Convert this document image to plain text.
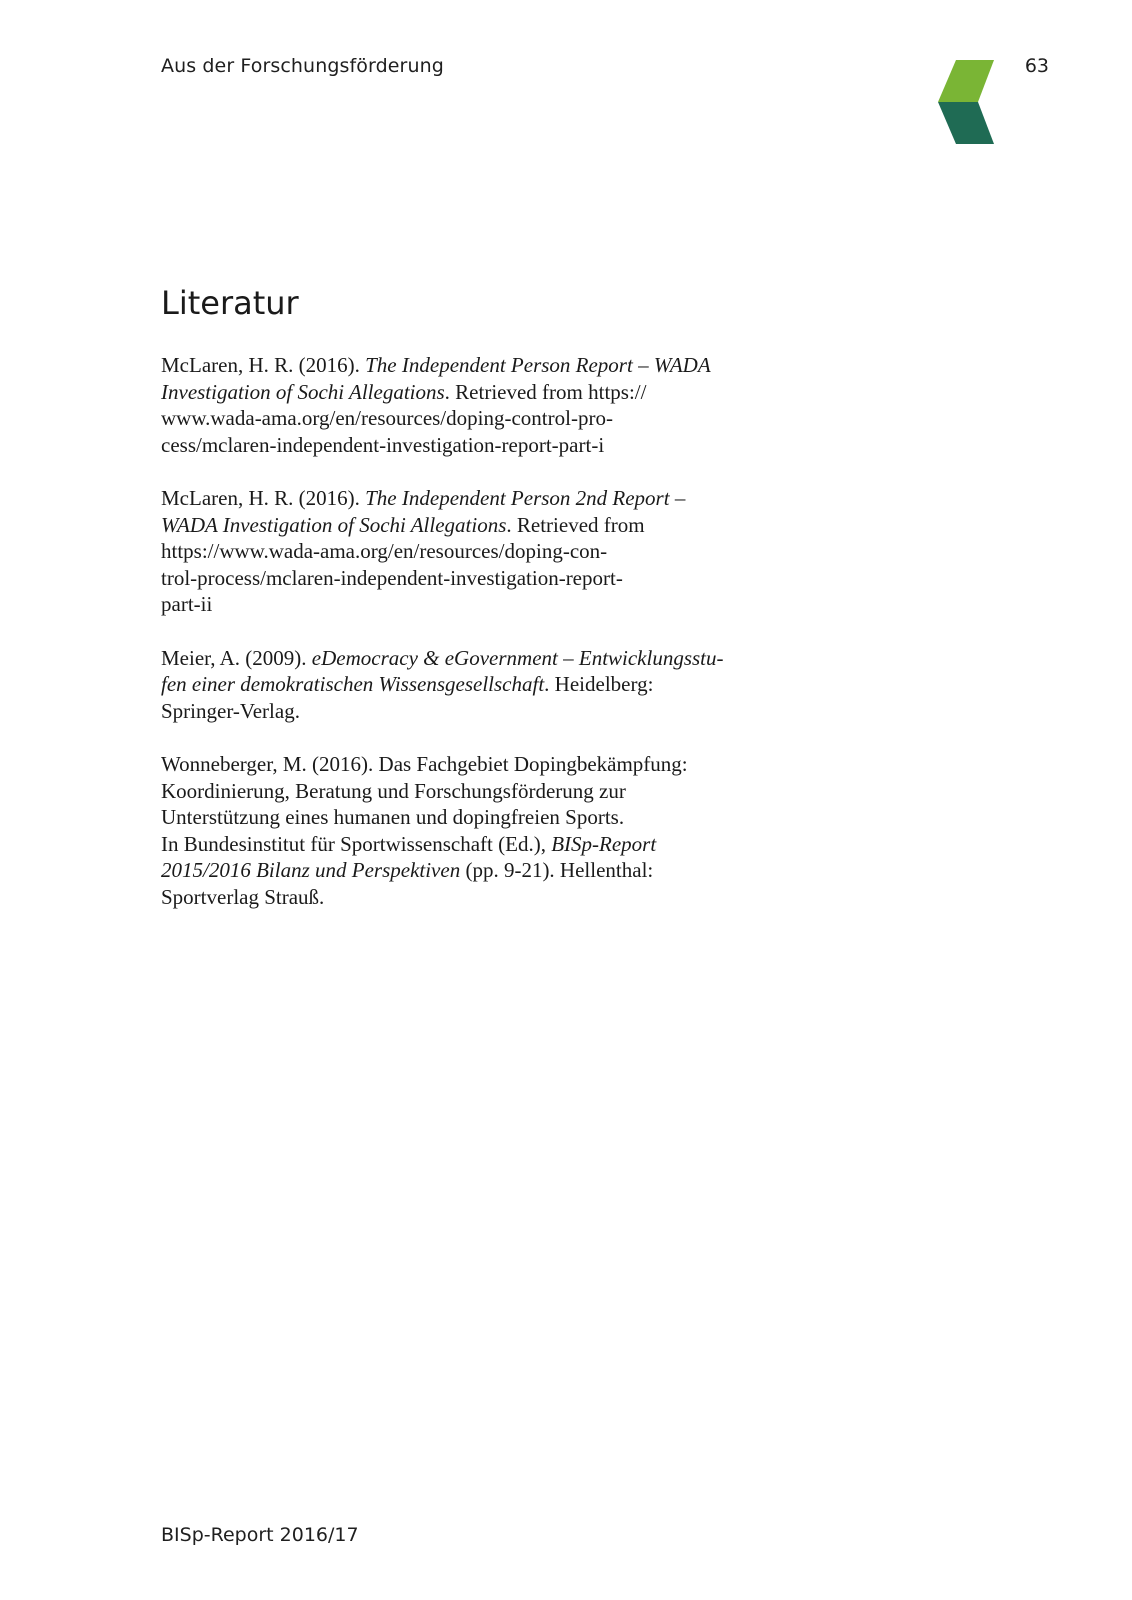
Aus der Forschungsförderung	63
Literatur
McLaren, H. R. (2016). The Independent Person Report – WADA
Investigation of Sochi Allegations. Retrieved from https://
www.wada-ama.org/en/resources/doping-control-pro-
cess/mclaren-independent-investigation-report-part-i
McLaren, H. R. (2016). The Independent Person 2nd Report –
WADA Investigation of Sochi Allegations. Retrieved from
https://www.wada-ama.org/en/resources/doping-con-
trol-process/mclaren-independent-investigation-report-
part-ii
Meier, A. (2009). eDemocracy & eGovernment – Entwicklungsstu-
fen einer demokratischen Wissensgesellschaft. Heidelberg:
Springer-Verlag.
Wonneberger, M. (2016). Das Fachgebiet Dopingbekämpfung:
Koordinierung, Beratung und Forschungsförderung zur
Unterstützung eines humanen und dopingfreien Sports.
In Bundesinstitut für Sportwissenschaft (Ed.), BISp-Report
2015/2016 Bilanz und Perspektiven (pp. 9-21). Hellenthal:
Sportverlag Strauß.
BISp-Report 2016/17
